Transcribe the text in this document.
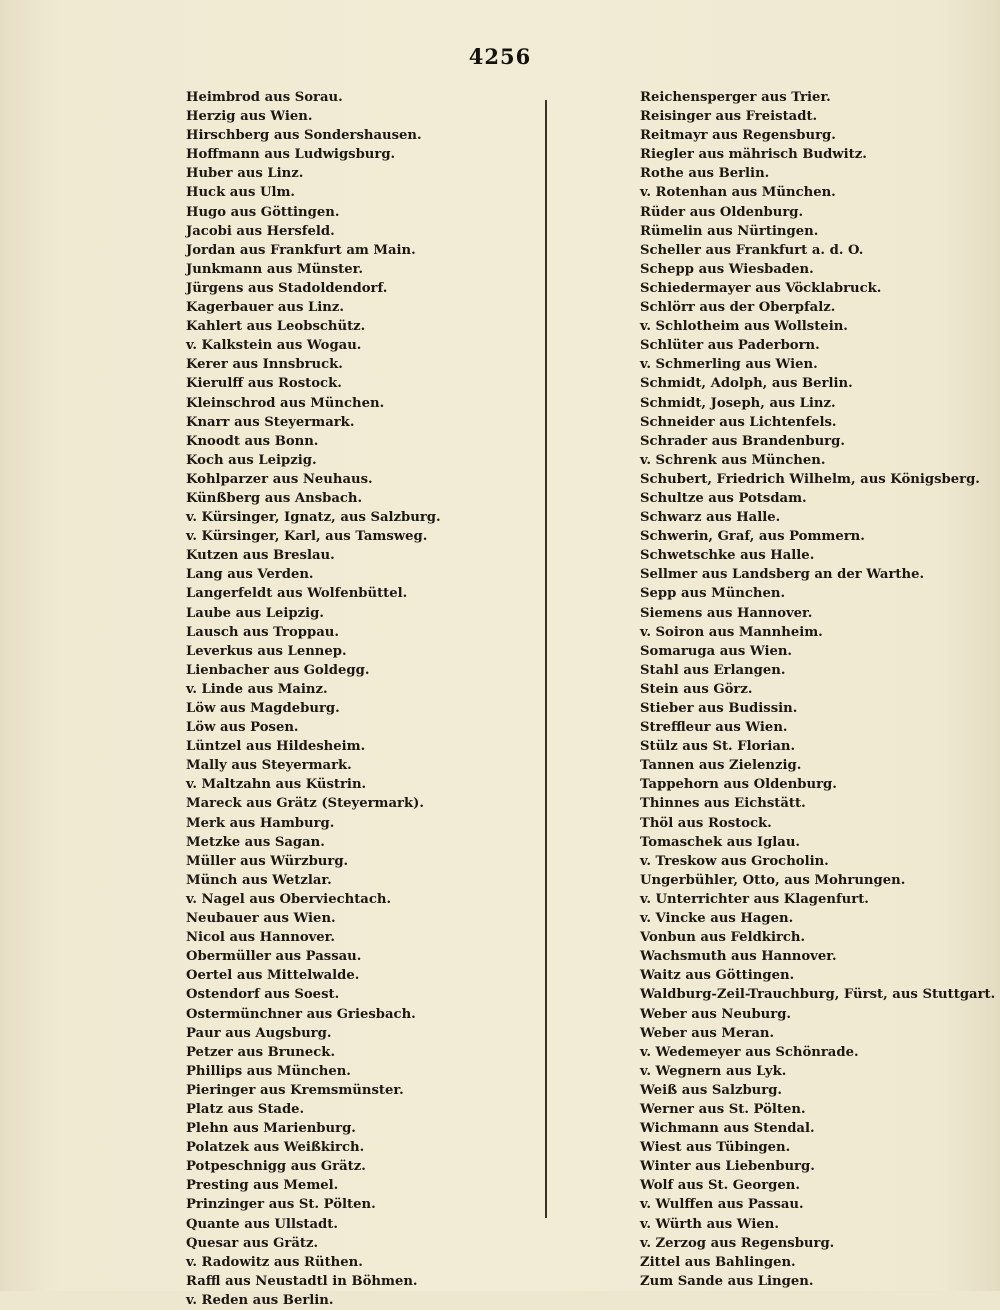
4256
Heimbrod aus Sorau.
Herzig aus Wien.
Hirschberg aus Sondershausen.
Hoffmann aus Ludwigsburg.
Huber aus Linz.
Huck aus Ulm.
Hugo aus Göttingen.
Jacobi aus Hersfeld.
Jordan aus Frankfurt am Main.
Junkmann aus Münster.
Jürgens aus Stadoldendorf.
Kagerbauer aus Linz.
Kahlert aus Leobschütz.
v. Kalkstein aus Wogau.
Kerer aus Innsbruck.
Kierulff aus Rostock.
Kleinschrod aus München.
Knarr aus Steyermark.
Knoodt aus Bonn.
Koch aus Leipzig.
Kohlparzer aus Neuhaus.
Künßberg aus Ansbach.
v. Kürsinger, Ignatz, aus Salzburg.
v. Kürsinger, Karl, aus Tamsweg.
Kutzen aus Breslau.
Lang aus Verden.
Langerfeldt aus Wolfenbüttel.
Laube aus Leipzig.
Lausch aus Troppau.
Leverkus aus Lennep.
Lienbacher aus Goldegg.
v. Linde aus Mainz.
Löw aus Magdeburg.
Löw aus Posen.
Lüntzel aus Hildesheim.
Mally aus Steyermark.
v. Maltzahn aus Küstrin.
Mareck aus Grätz (Steyermark).
Merk aus Hamburg.
Metzke aus Sagan.
Müller aus Würzburg.
Münch aus Wetzlar.
v. Nagel aus Oberviechtach.
Neubauer aus Wien.
Nicol aus Hannover.
Obermüller aus Passau.
Oertel aus Mittelwalde.
Ostendorf aus Soest.
Ostermünchner aus Griesbach.
Paur aus Augsburg.
Petzer aus Bruneck.
Phillips aus München.
Pieringer aus Kremsmünster.
Platz aus Stade.
Plehn aus Marienburg.
Polatzek aus Weißkirch.
Potpeschnigg aus Grätz.
Presting aus Memel.
Prinzinger aus St. Pölten.
Quante aus Ullstadt.
Quesar aus Grätz.
v. Radowitz aus Rüthen.
Raffl aus Neustadtl in Böhmen.
v. Reden aus Berlin.
Reichensperger aus Trier.
Reisinger aus Freistadt.
Reitmayr aus Regensburg.
Riegler aus mährisch Budwitz.
Rothe aus Berlin.
v. Rotenhan aus München.
Rüder aus Oldenburg.
Rümelin aus Nürtingen.
Scheller aus Frankfurt a. d. O.
Schepp aus Wiesbaden.
Schiedermayer aus Vöcklabruck.
Schlörr aus der Oberpfalz.
v. Schlotheim aus Wollstein.
Schlüter aus Paderborn.
v. Schmerling aus Wien.
Schmidt, Adolph, aus Berlin.
Schmidt, Joseph, aus Linz.
Schneider aus Lichtenfels.
Schrader aus Brandenburg.
v. Schrenk aus München.
Schubert, Friedrich Wilhelm, aus Königsberg.
Schultze aus Potsdam.
Schwarz aus Halle.
Schwerin, Graf, aus Pommern.
Schwetschke aus Halle.
Sellmer aus Landsberg an der Warthe.
Sepp aus München.
Siemens aus Hannover.
v. Soiron aus Mannheim.
Somaruga aus Wien.
Stahl aus Erlangen.
Stein aus Görz.
Stieber aus Budissin.
Streffleur aus Wien.
Stülz aus St. Florian.
Tannen aus Zielenzig.
Tappehorn aus Oldenburg.
Thinnes aus Eichstätt.
Thöl aus Rostock.
Tomaschek aus Iglau.
v. Treskow aus Grocholin.
Ungerbühler, Otto, aus Mohrungen.
v. Unterrichter aus Klagenfurt.
v. Vincke aus Hagen.
Vonbun aus Feldkirch.
Wachsmuth aus Hannover.
Waitz aus Göttingen.
Waldburg-Zeil-Trauchburg, Fürst, aus Stuttgart.
Weber aus Neuburg.
Weber aus Meran.
v. Wedemeyer aus Schönrade.
v. Wegnern aus Lyk.
Weiß aus Salzburg.
Werner aus St. Pölten.
Wichmann aus Stendal.
Wiest aus Tübingen.
Winter aus Liebenburg.
Wolf aus St. Georgen.
v. Wulffen aus Passau.
v. Würth aus Wien.
v. Zerzog aus Regensburg.
Zittel aus Bahlingen.
Zum Sande aus Lingen.
